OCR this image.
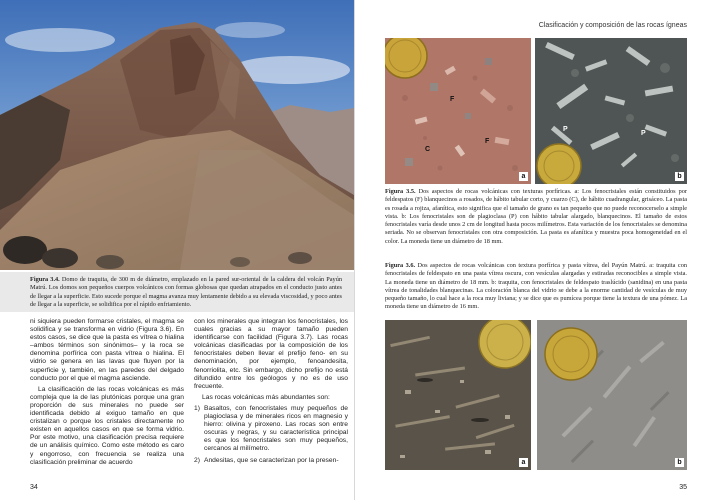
Figura 3.4. Domo de traquita, de 300 m de diámetro, emplazado en la pared sur-oriental de la caldera del volcán Payún Matrú. Los domos son pequeños cuerpos volcánicos con formas globosas que quedan atrapados en el conducto justo antes de llegar a la superficie. Esto sucede porque el magma avanza muy lentamente debido a su elevada viscosidad, y poco antes de llegar a la superficie, se solidifica por el rápido enfriamiento.

ni siquiera pueden formarse cristales, el magma se solidifica y se transforma en vidrio (Figura 3.6). En estos casos, se dice que la pasta es vítrea o hialina –ambos términos son sinónimos– y la roca se denomina porfírica con pasta vítrea o hialina. El vidrio se genera en las lavas que fluyen por la superficie y, también, en las paredes del delgado conducto por el que el magma asciende.

La clasificación de las rocas volcánicas es más compleja que la de las plutónicas porque una gran proporción de sus minerales no puede ser identificada debido al exiguo tamaño en que cristalizan o porque los cristales directamente no existen en aquellos casos en que se forma vidrio. Por este motivo, una clasificación precisa requiere de un análisis químico. Como este método es caro y engorroso, con frecuencia se realiza una clasificación preliminar de acuerdo

con los minerales que integran los fenocristales, los cuales gracias a su mayor tamaño pueden identificarse con facilidad (Figura 3.7). Las rocas volcánicas clasificadas por la composición de los fenocristales deben llevar el prefijo feno- en su denominación, por ejemplo, fenoandesita, fenorriolita, etc. Sin embargo, dicho prefijo no está difundido entre los geólogos y no es de uso frecuente.

Las rocas volcánicas más abundantes son:

1) Basaltos, con fenocristales muy pequeños de plagioclasa y de minerales ricos en magnesio y hierro: olivina y piroxeno. Las rocas son entre oscuras y negras, y su característica principal es que los fenocristales son muy pequeños, cercanos al milímetro.
2) Andesitas, que se caracterizan por la presen-
34
Clasificación y composición de las rocas ígneas
F
F
C
a
P
P
b

Figura 3.5. Dos aspectos de rocas volcánicas con texturas porfíricas. a: Los fenocristales están constituidos por feldespatos (F) blanquecinos a rosados, de hábito tabular corto, y cuarzo (C), de hábito cuadrangular, grisáceo. La pasta es rosada a rojiza, afanítica, esto significa que el tamaño de grano es tan pequeño que no puede reconocerselo a simple vista. b: Los fenocristales son de plagioclasa (P) con hábito tabular alargado, blanquecinos. El tamaño de estos fenocristales varía desde unos 2 cm de longitud hasta pocos milímetros. Esta variación de los fenocristales se denomina seriada. No se observan fenocristales con otra composición. La pasta es afanítica y muestra poca homogeneidad en el color. La moneda tiene un diámetro de 18 mm.

Figura 3.6. Dos aspectos de rocas volcánicas con textura porfírica y pasta vítrea, del Payún Matrú. a: traquita con fenocristales de feldespato en una pasta vítrea oscura, con vesículas alargadas y estiradas reconocibles a simple vista. La moneda tiene un diámetro de 18 mm. b: traquita, con fenocristales de feldespato traslúcido (sanidina) en una pasta vítrea de tonalidades blanquecinas. La coloración blanca del vidrio se debe a la enorme cantidad de vesículas de muy pequeño tamaño, lo cual hace a la roca muy liviana; y se dice que es pumícea porque tiene la textura de una pómez. La moneda tiene un diámetro de 16 mm.

a	b
35
